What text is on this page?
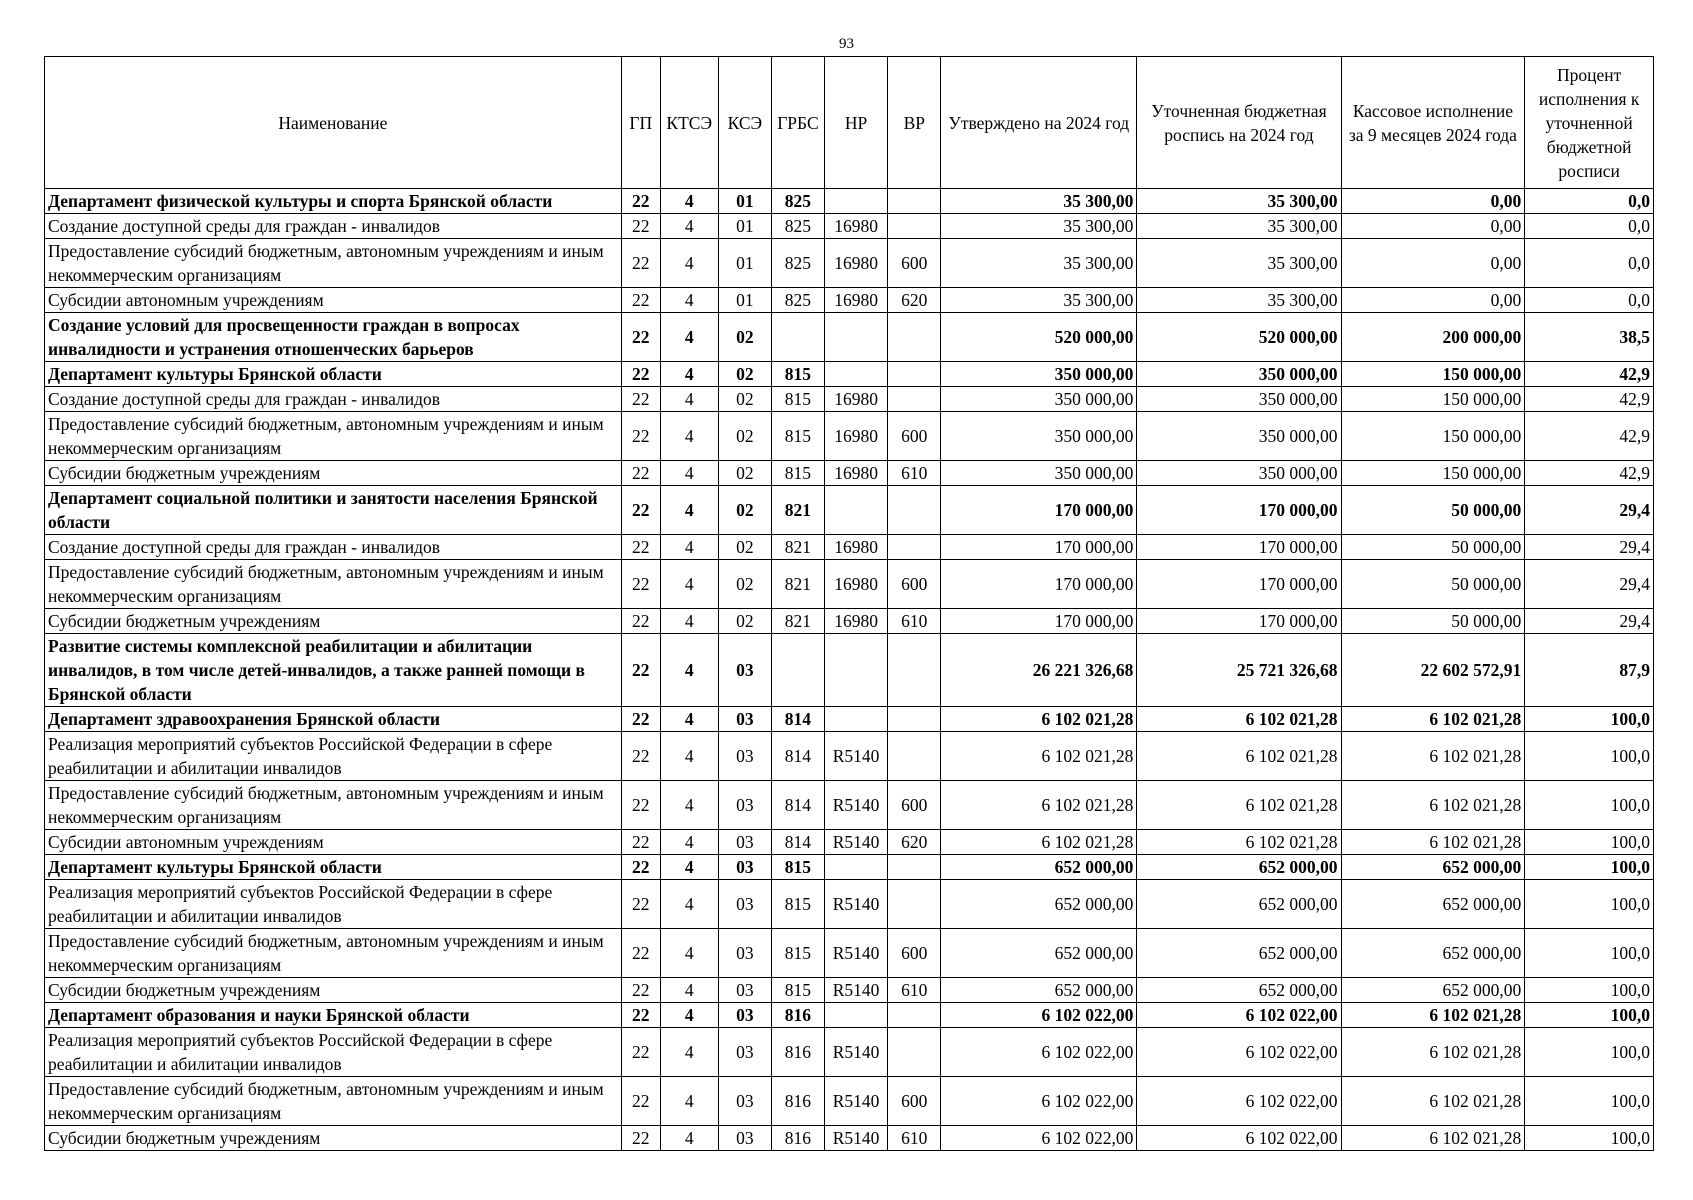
93
Наименование	ГП	КТСЭ	КСЭ	ГРБС	НР	ВР	Утверждено на 2024 год	Уточненная бюджетная роспись на 2024 год	Кассовое исполнение за 9 месяцев 2024 года	Процент исполнения к уточненной бюджетной росписи
Департамент физической культуры и спорта Брянской области	22	4	01	825			35 300,00	35 300,00	0,00	0,0
Создание доступной среды для граждан - инвалидов	22	4	01	825	16980		35 300,00	35 300,00	0,00	0,0
Предоставление субсидий бюджетным, автономным учреждениям и иным некоммерческим организациям	22	4	01	825	16980	600	35 300,00	35 300,00	0,00	0,0
Субсидии автономным учреждениям	22	4	01	825	16980	620	35 300,00	35 300,00	0,00	0,0
Создание условий для просвещенности граждан в вопросах инвалидности и устранения отношенческих барьеров	22	4	02				520 000,00	520 000,00	200 000,00	38,5
Департамент культуры Брянской области	22	4	02	815			350 000,00	350 000,00	150 000,00	42,9
Создание доступной среды для граждан - инвалидов	22	4	02	815	16980		350 000,00	350 000,00	150 000,00	42,9
Предоставление субсидий бюджетным, автономным учреждениям и иным некоммерческим организациям	22	4	02	815	16980	600	350 000,00	350 000,00	150 000,00	42,9
Субсидии бюджетным учреждениям	22	4	02	815	16980	610	350 000,00	350 000,00	150 000,00	42,9
Департамент социальной политики и занятости населения Брянской области	22	4	02	821			170 000,00	170 000,00	50 000,00	29,4
Создание доступной среды для граждан - инвалидов	22	4	02	821	16980		170 000,00	170 000,00	50 000,00	29,4
Предоставление субсидий бюджетным, автономным учреждениям и иным некоммерческим организациям	22	4	02	821	16980	600	170 000,00	170 000,00	50 000,00	29,4
Субсидии бюджетным учреждениям	22	4	02	821	16980	610	170 000,00	170 000,00	50 000,00	29,4
Развитие системы комплексной реабилитации и абилитации инвалидов, в том числе детей-инвалидов, а также ранней помощи в Брянской области	22	4	03				26 221 326,68	25 721 326,68	22 602 572,91	87,9
Департамент здравоохранения Брянской области	22	4	03	814			6 102 021,28	6 102 021,28	6 102 021,28	100,0
Реализация мероприятий субъектов Российской Федерации в сфере реабилитации и абилитации инвалидов	22	4	03	814	R5140		6 102 021,28	6 102 021,28	6 102 021,28	100,0
Предоставление субсидий бюджетным, автономным учреждениям и иным некоммерческим организациям	22	4	03	814	R5140	600	6 102 021,28	6 102 021,28	6 102 021,28	100,0
Субсидии автономным учреждениям	22	4	03	814	R5140	620	6 102 021,28	6 102 021,28	6 102 021,28	100,0
Департамент культуры Брянской области	22	4	03	815			652 000,00	652 000,00	652 000,00	100,0
Реализация мероприятий субъектов Российской Федерации в сфере реабилитации и абилитации инвалидов	22	4	03	815	R5140		652 000,00	652 000,00	652 000,00	100,0
Предоставление субсидий бюджетным, автономным учреждениям и иным некоммерческим организациям	22	4	03	815	R5140	600	652 000,00	652 000,00	652 000,00	100,0
Субсидии бюджетным учреждениям	22	4	03	815	R5140	610	652 000,00	652 000,00	652 000,00	100,0
Департамент образования и науки Брянской области	22	4	03	816			6 102 022,00	6 102 022,00	6 102 021,28	100,0
Реализация мероприятий субъектов Российской Федерации в сфере реабилитации и абилитации инвалидов	22	4	03	816	R5140		6 102 022,00	6 102 022,00	6 102 021,28	100,0
Предоставление субсидий бюджетным, автономным учреждениям и иным некоммерческим организациям	22	4	03	816	R5140	600	6 102 022,00	6 102 022,00	6 102 021,28	100,0
Субсидии бюджетным учреждениям	22	4	03	816	R5140	610	6 102 022,00	6 102 022,00	6 102 021,28	100,0
